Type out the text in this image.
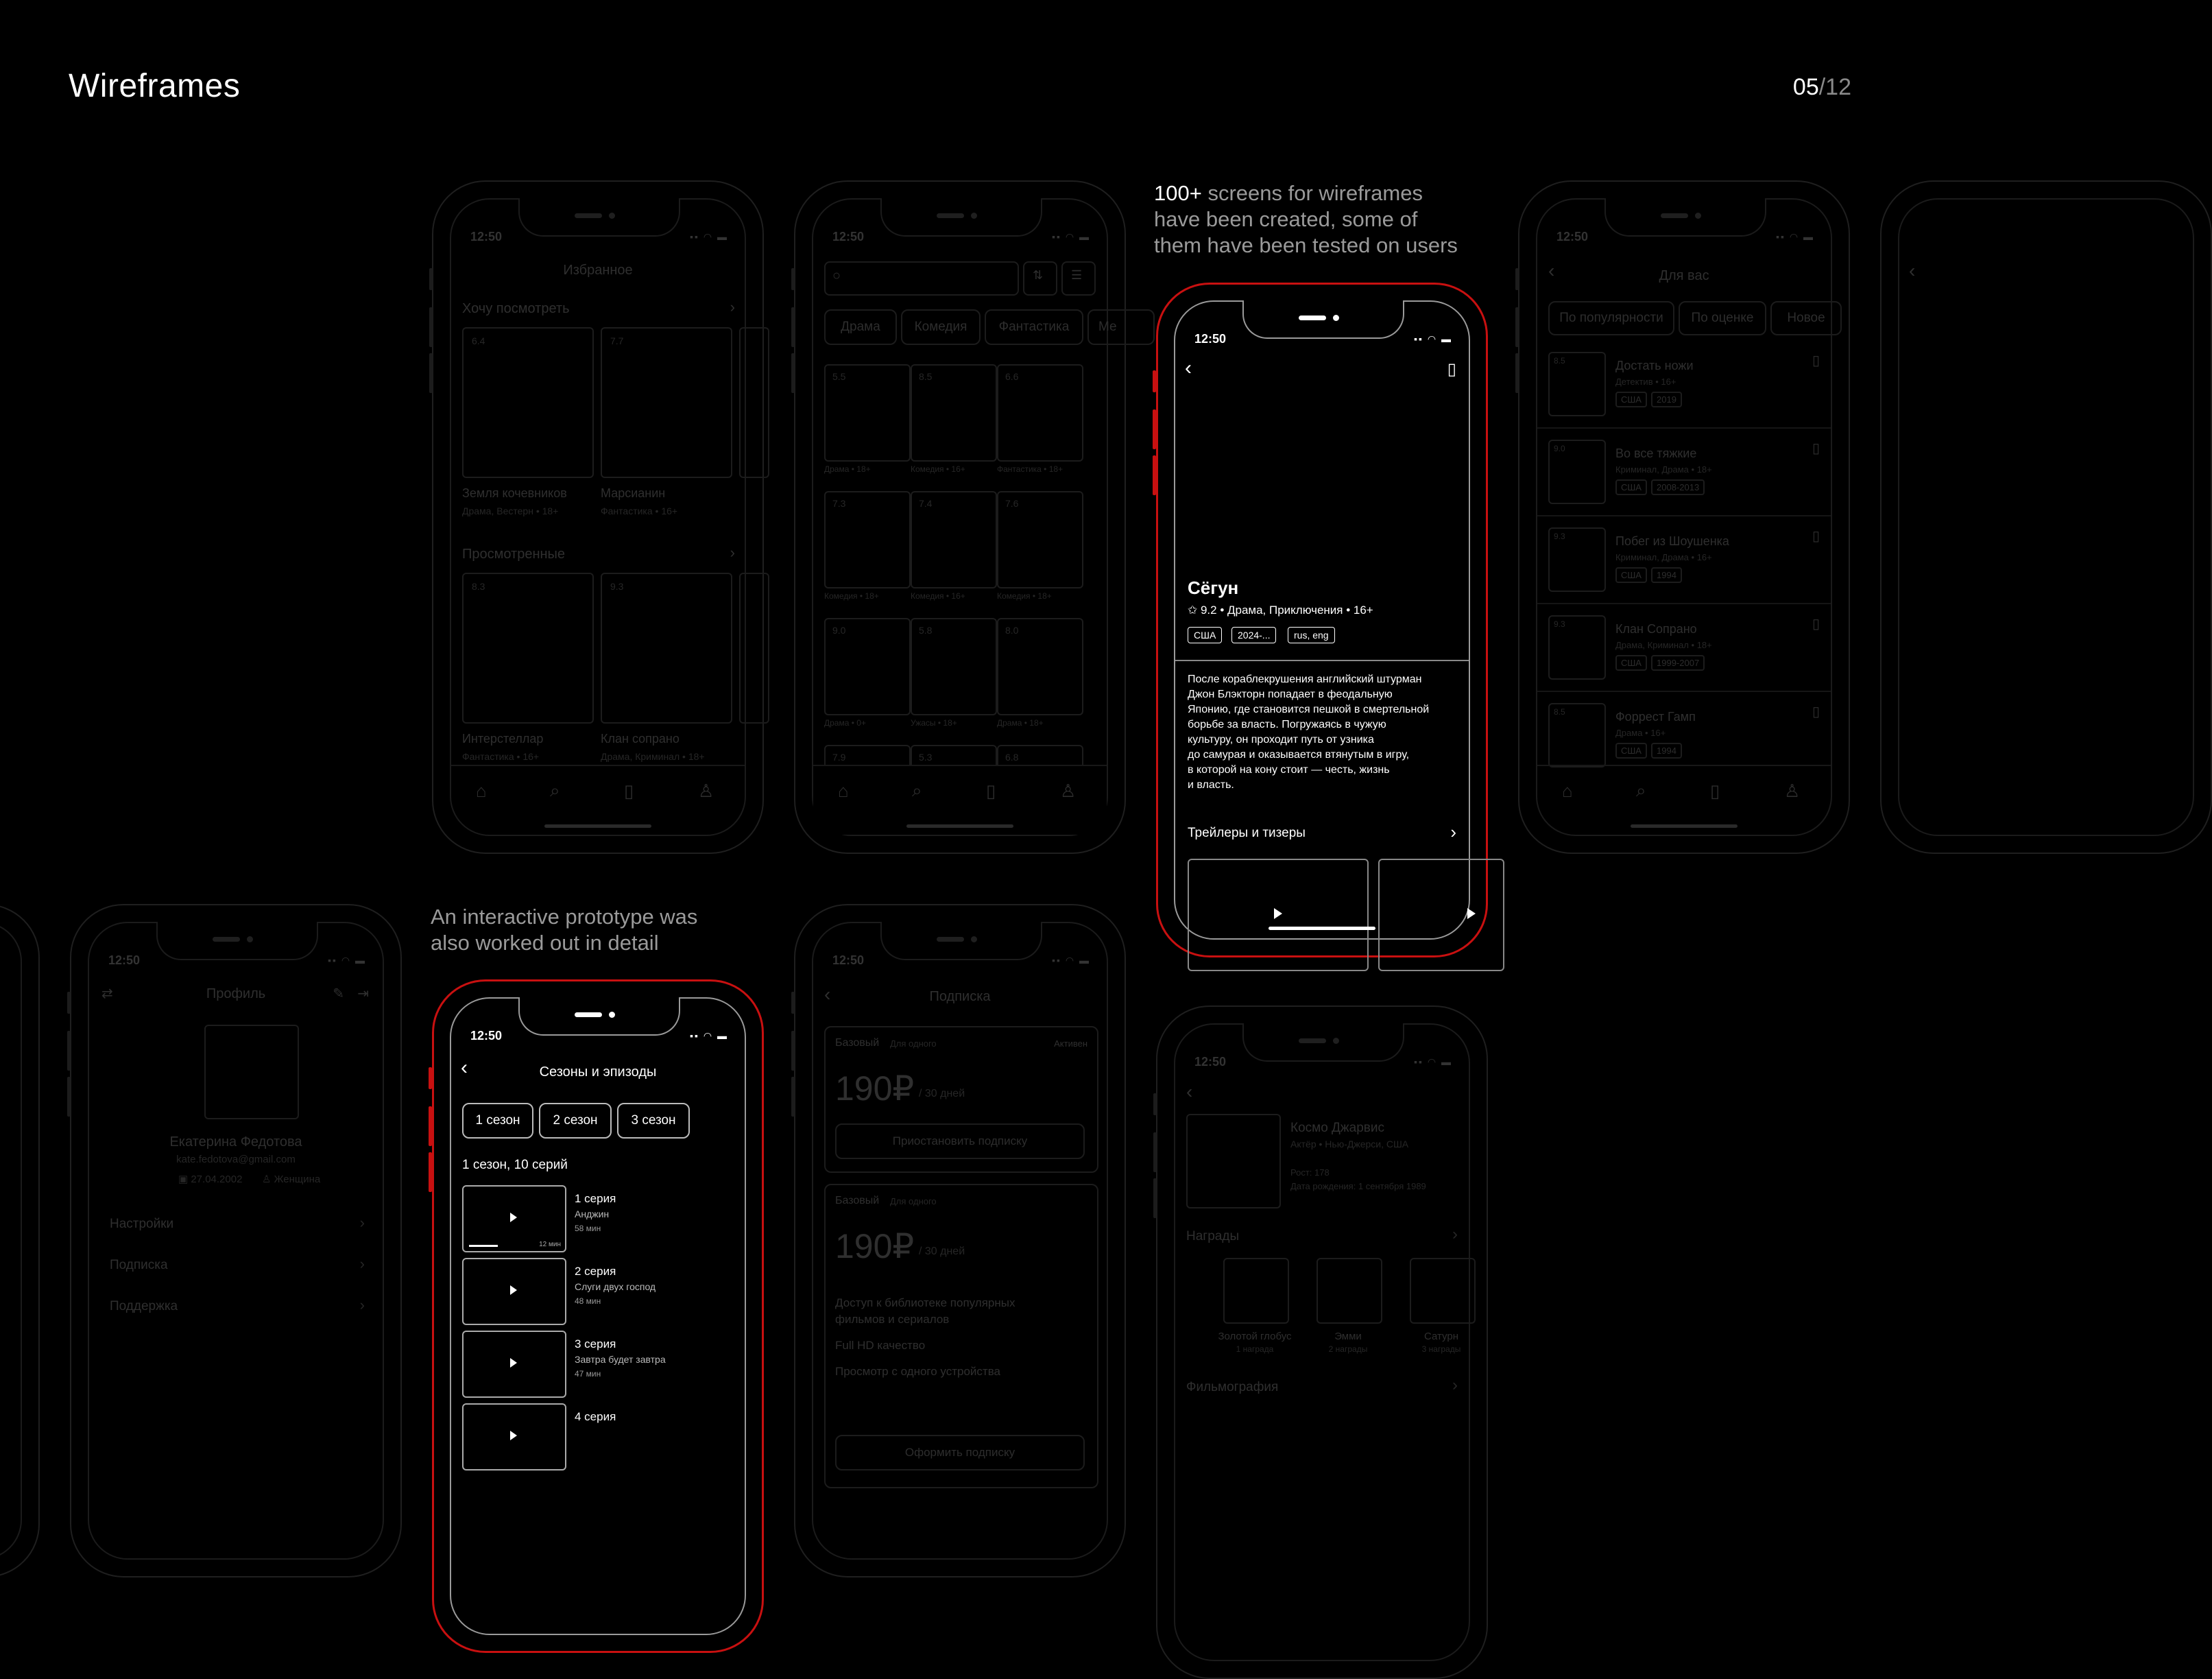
Wireframes	05/12
100+ screens for wireframes
have been created, some of
them have been tested on users
An interactive prototype was
also worked out in detail
12:50	▪▪ ◠ ▬
Избранное
Хочу посмотреть	›
6.4	7.7
Земля кочевников
Драма, Вестерн • 18+
Марсианин
Фантастика • 16+
Просмотренные	›
8.3	9.3
Интерстеллар
Фантастика • 16+
Клан сопрано
Драма, Криминал • 18+
⌂	⌕	▯	♙
12:50	▪▪ ◠ ▬
○	⇅ ☰
Драма	Комедия	Фантастика	Ме
5.5
Драма • 18+
8.5
Комедия • 16+
6.6
Фантастика • 18+
7.3
Комедия • 18+
7.4
Комедия • 16+
7.6
Комедия • 18+
9.0
Драма • 0+
5.8
Ужасы • 18+
8.0
Драма • 18+
7.9	5.3	6.8
⌂	⌕	▯	♙
12:50	▪▪ ◠ ▬
‹	▯
Сёгун
✩ 9.2 • Драма, Приключения • 16+
США	2024-...	rus, eng
После кораблекрушения английский штурман
Джон Блэкторн попадает в феодальную
Японию, где становится пешкой в смертельной
борьбе за власть. Погружаясь в чужую
культуру, он проходит путь от узника
до самурая и оказывается втянутым в игру,
в которой на кону стоит — честь, жизнь
и власть.
Трейлеры и тизеры	›
12:50	▪▪ ◠ ▬
‹	Для вас
По популярности	По оценке	Новое
8.5	Достать ножи
Детектив • 16+
США	2019
▯
9.0	Во все тяжкие
Криминал, Драма • 18+
США	2008-2013
▯
9.3	Побег из Шоушенка
Криминал, Драма • 16+
США	1994
▯
9.3	Клан Сопрано
Драма, Криминал • 18+
США	1999-2007
▯
8.5	Форрест Гамп
Драма • 16+
США	1994
▯
⌂	⌕	▯	♙
‹
12:50	▪▪ ◠ ▬
⇄	Профиль	✎ ⇥
Екатерина Федотова
kate.fedotova@gmail.com
▣ 27.04.2002 ♙ Женщина
Настройки	›
Подписка	›
Поддержка	›
12:50	▪▪ ◠ ▬
‹	Сезоны и эпизоды
1 сезон	2 сезон	3 сезон
1 сезон, 10 серий
12 мин
1 серия
Анджин
58 мин
2 серия
Слуги двух господ
48 мин
3 серия
Завтра будет завтра
47 мин
4 серия
12:50	▪▪ ◠ ▬
‹	Подписка
Базовый Для одного	Активен
190₽ / 30 дней
Приостановить подписку
Базовый Для одного
190₽ / 30 дней
Доступ к библиотеке популярных
фильмов и сериалов
Full HD качество
Просмотр с одного устройства
Оформить подписку
12:50	▪▪ ◠ ▬
‹
Космо Джарвис
Актёр • Нью-Джерси, США
Рост: 178
Дата рождения: 1 сентября 1989
Награды	›
Золотой глобус
1 награда
Эмми
2 награды
Сатурн
3 награды
Фильмография	›
